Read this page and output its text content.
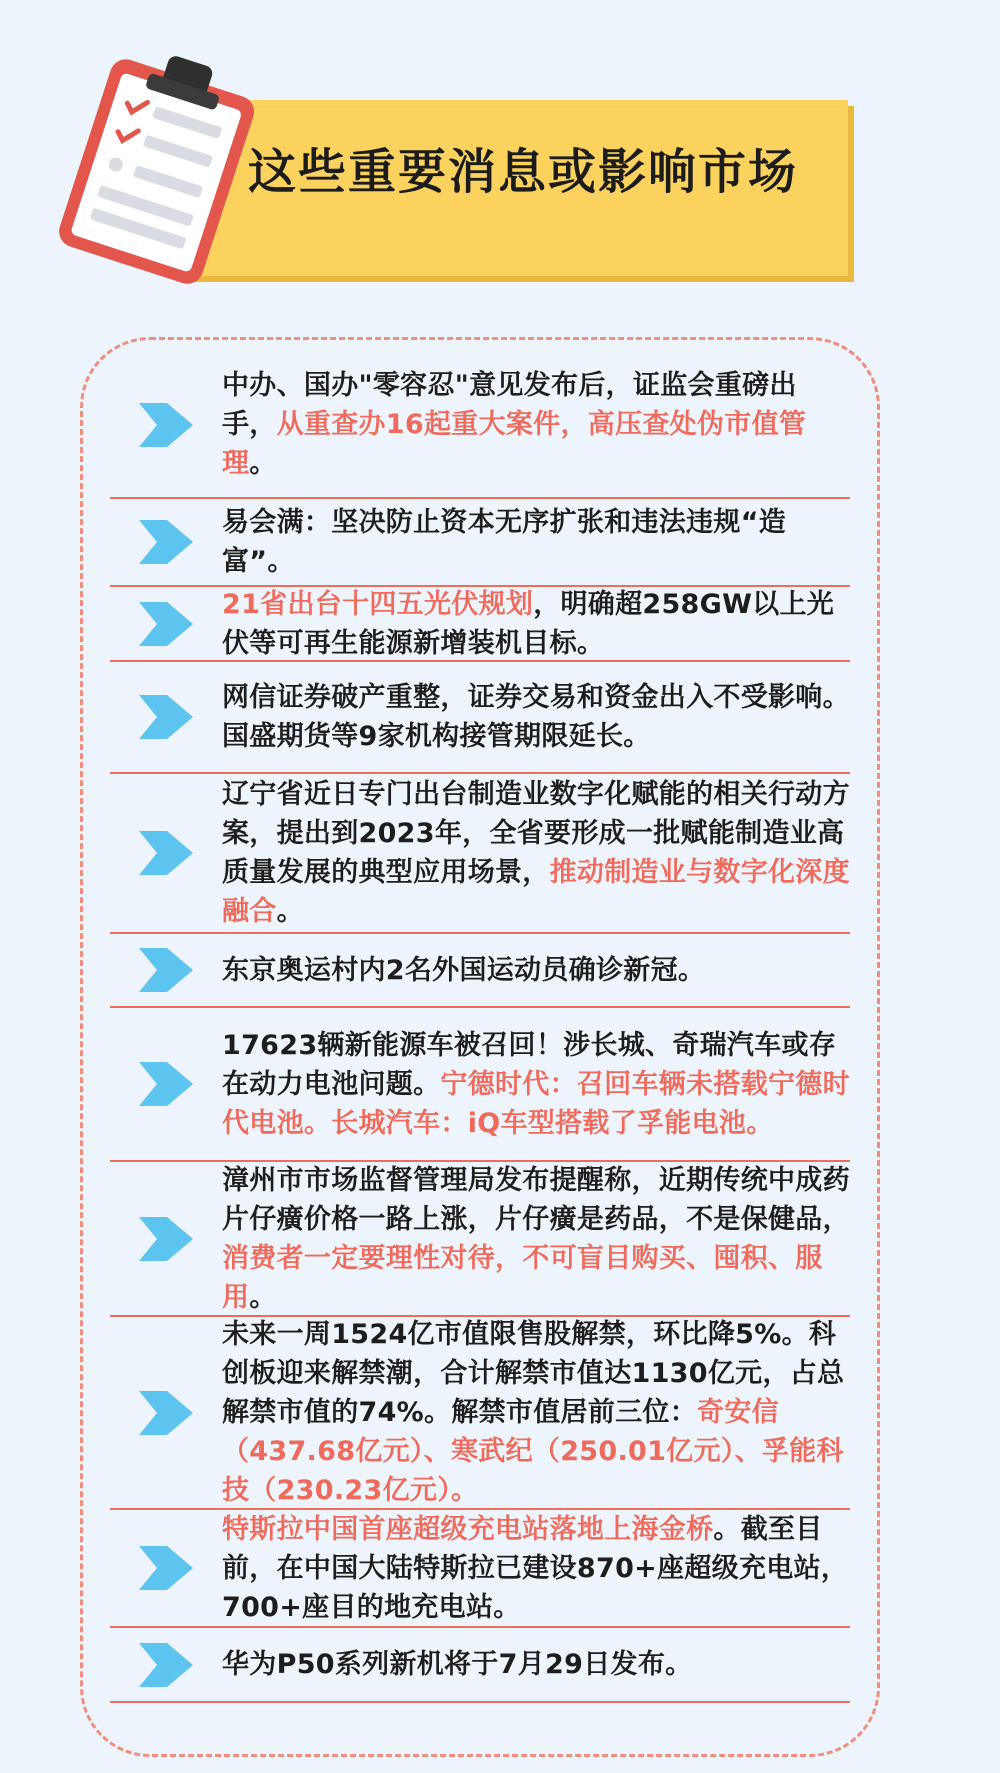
这些重要消息或影响市场
中办、国办"零容忍"意见发布后，证监会重磅出手，从重查办16起重大案件，高压查处伪市值管理。
易会满：坚决防止资本无序扩张和违法违规“造富”。
21省出台十四五光伏规划，明确超258GW以上光伏等可再生能源新增装机目标。
网信证券破产重整，证券交易和资金出入不受影响。国盛期货等9家机构接管期限延长。
辽宁省近日专门出台制造业数字化赋能的相关行动方案，提出到2023年，全省要形成一批赋能制造业高质量发展的典型应用场景，推动制造业与数字化深度融合。
东京奥运村内2名外国运动员确诊新冠。
17623辆新能源车被召回！涉长城、奇瑞汽车或存在动力电池问题。宁德时代：召回车辆未搭载宁德时代电池。长城汽车：iQ车型搭载了孚能电池。
漳州市市场监督管理局发布提醒称，近期传统中成药片仔癀价格一路上涨，片仔癀是药品，不是保健品，消费者一定要理性对待，不可盲目购买、囤积、服用。
未来一周1524亿市值限售股解禁，环比降5%。科创板迎来解禁潮，合计解禁市值达1130亿元，占总解禁市值的74%。解禁市值居前三位：奇安信（437.68亿元）、寒武纪（250.01亿元）、孚能科技（230.23亿元）。
特斯拉中国首座超级充电站落地上海金桥。截至目前，在中国大陆特斯拉已建设870+座超级充电站，700+座目的地充电站。
华为P50系列新机将于7月29日发布。
